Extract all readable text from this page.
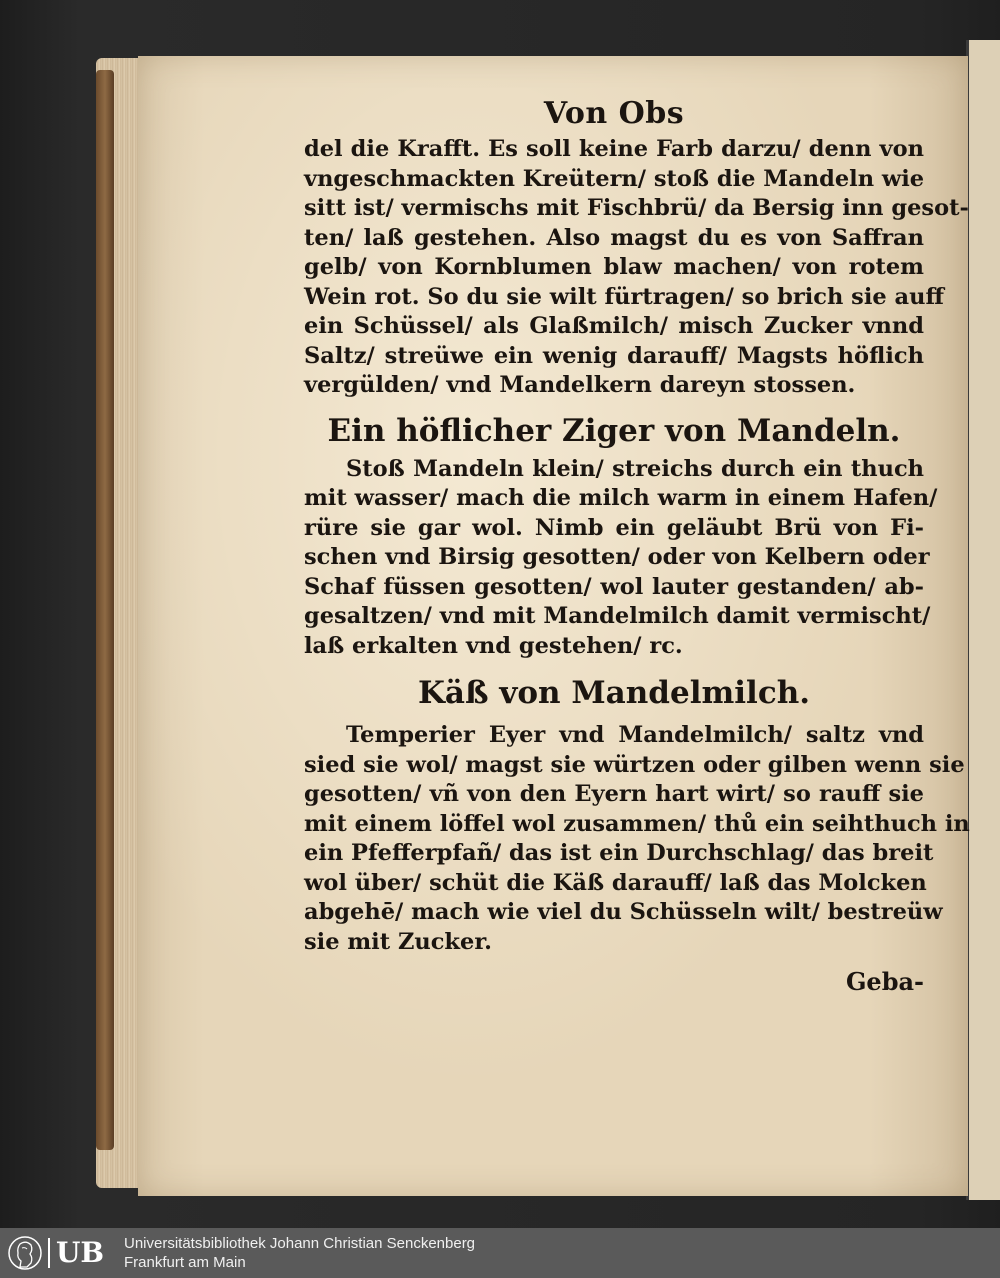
Von Obs
del die Krafft. Es soll keine Farb darzu/ denn von
vngeschmackten Kreütern/ stoß die Mandeln wie
sitt ist/ vermischs mit Fischbrü/ da Bersig inn gesot-
ten/ laß gestehen. Also magst du es von Saffran
gelb/ von Kornblumen blaw machen/ von rotem
Wein rot. So du sie wilt fürtragen/ so brich sie auff
ein Schüssel/ als Glaßmilch/ misch Zucker vnnd
Saltz/ streüwe ein wenig darauff/ Magsts höflich
vergülden/ vnd Mandelkern dareyn stossen.
Ein höflicher Ziger von Mandeln.
Stoß Mandeln klein/ streichs durch ein thuch
mit wasser/ mach die milch warm in einem Hafen/
rüre sie gar wol. Nimb ein geläubt Brü von Fi-
schen vnd Birsig gesotten/ oder von Kelbern oder
Schaf füssen gesotten/ wol lauter gestanden/ ab-
gesaltzen/ vnd mit Mandelmilch damit vermischt/
laß erkalten vnd gestehen/ rc.
Käß von Mandelmilch.
Temperier Eyer vnd Mandelmilch/ saltz vnd
sied sie wol/ magst sie würtzen oder gilben wenn sie
gesotten/ vñ von den Eyern hart wirt/ so rauff sie
mit einem löffel wol zusammen/ thů ein seihthuch in
ein Pfefferpfañ/ das ist ein Durchschlag/ das breit
wol über/ schüt die Käß darauff/ laß das Molcken
abgehē/ mach wie viel du Schüsseln wilt/ bestreüw
sie mit Zucker.
Geba-
UB Universitätsbibliothek Johann Christian Senckenberg
Frankfurt am Main
